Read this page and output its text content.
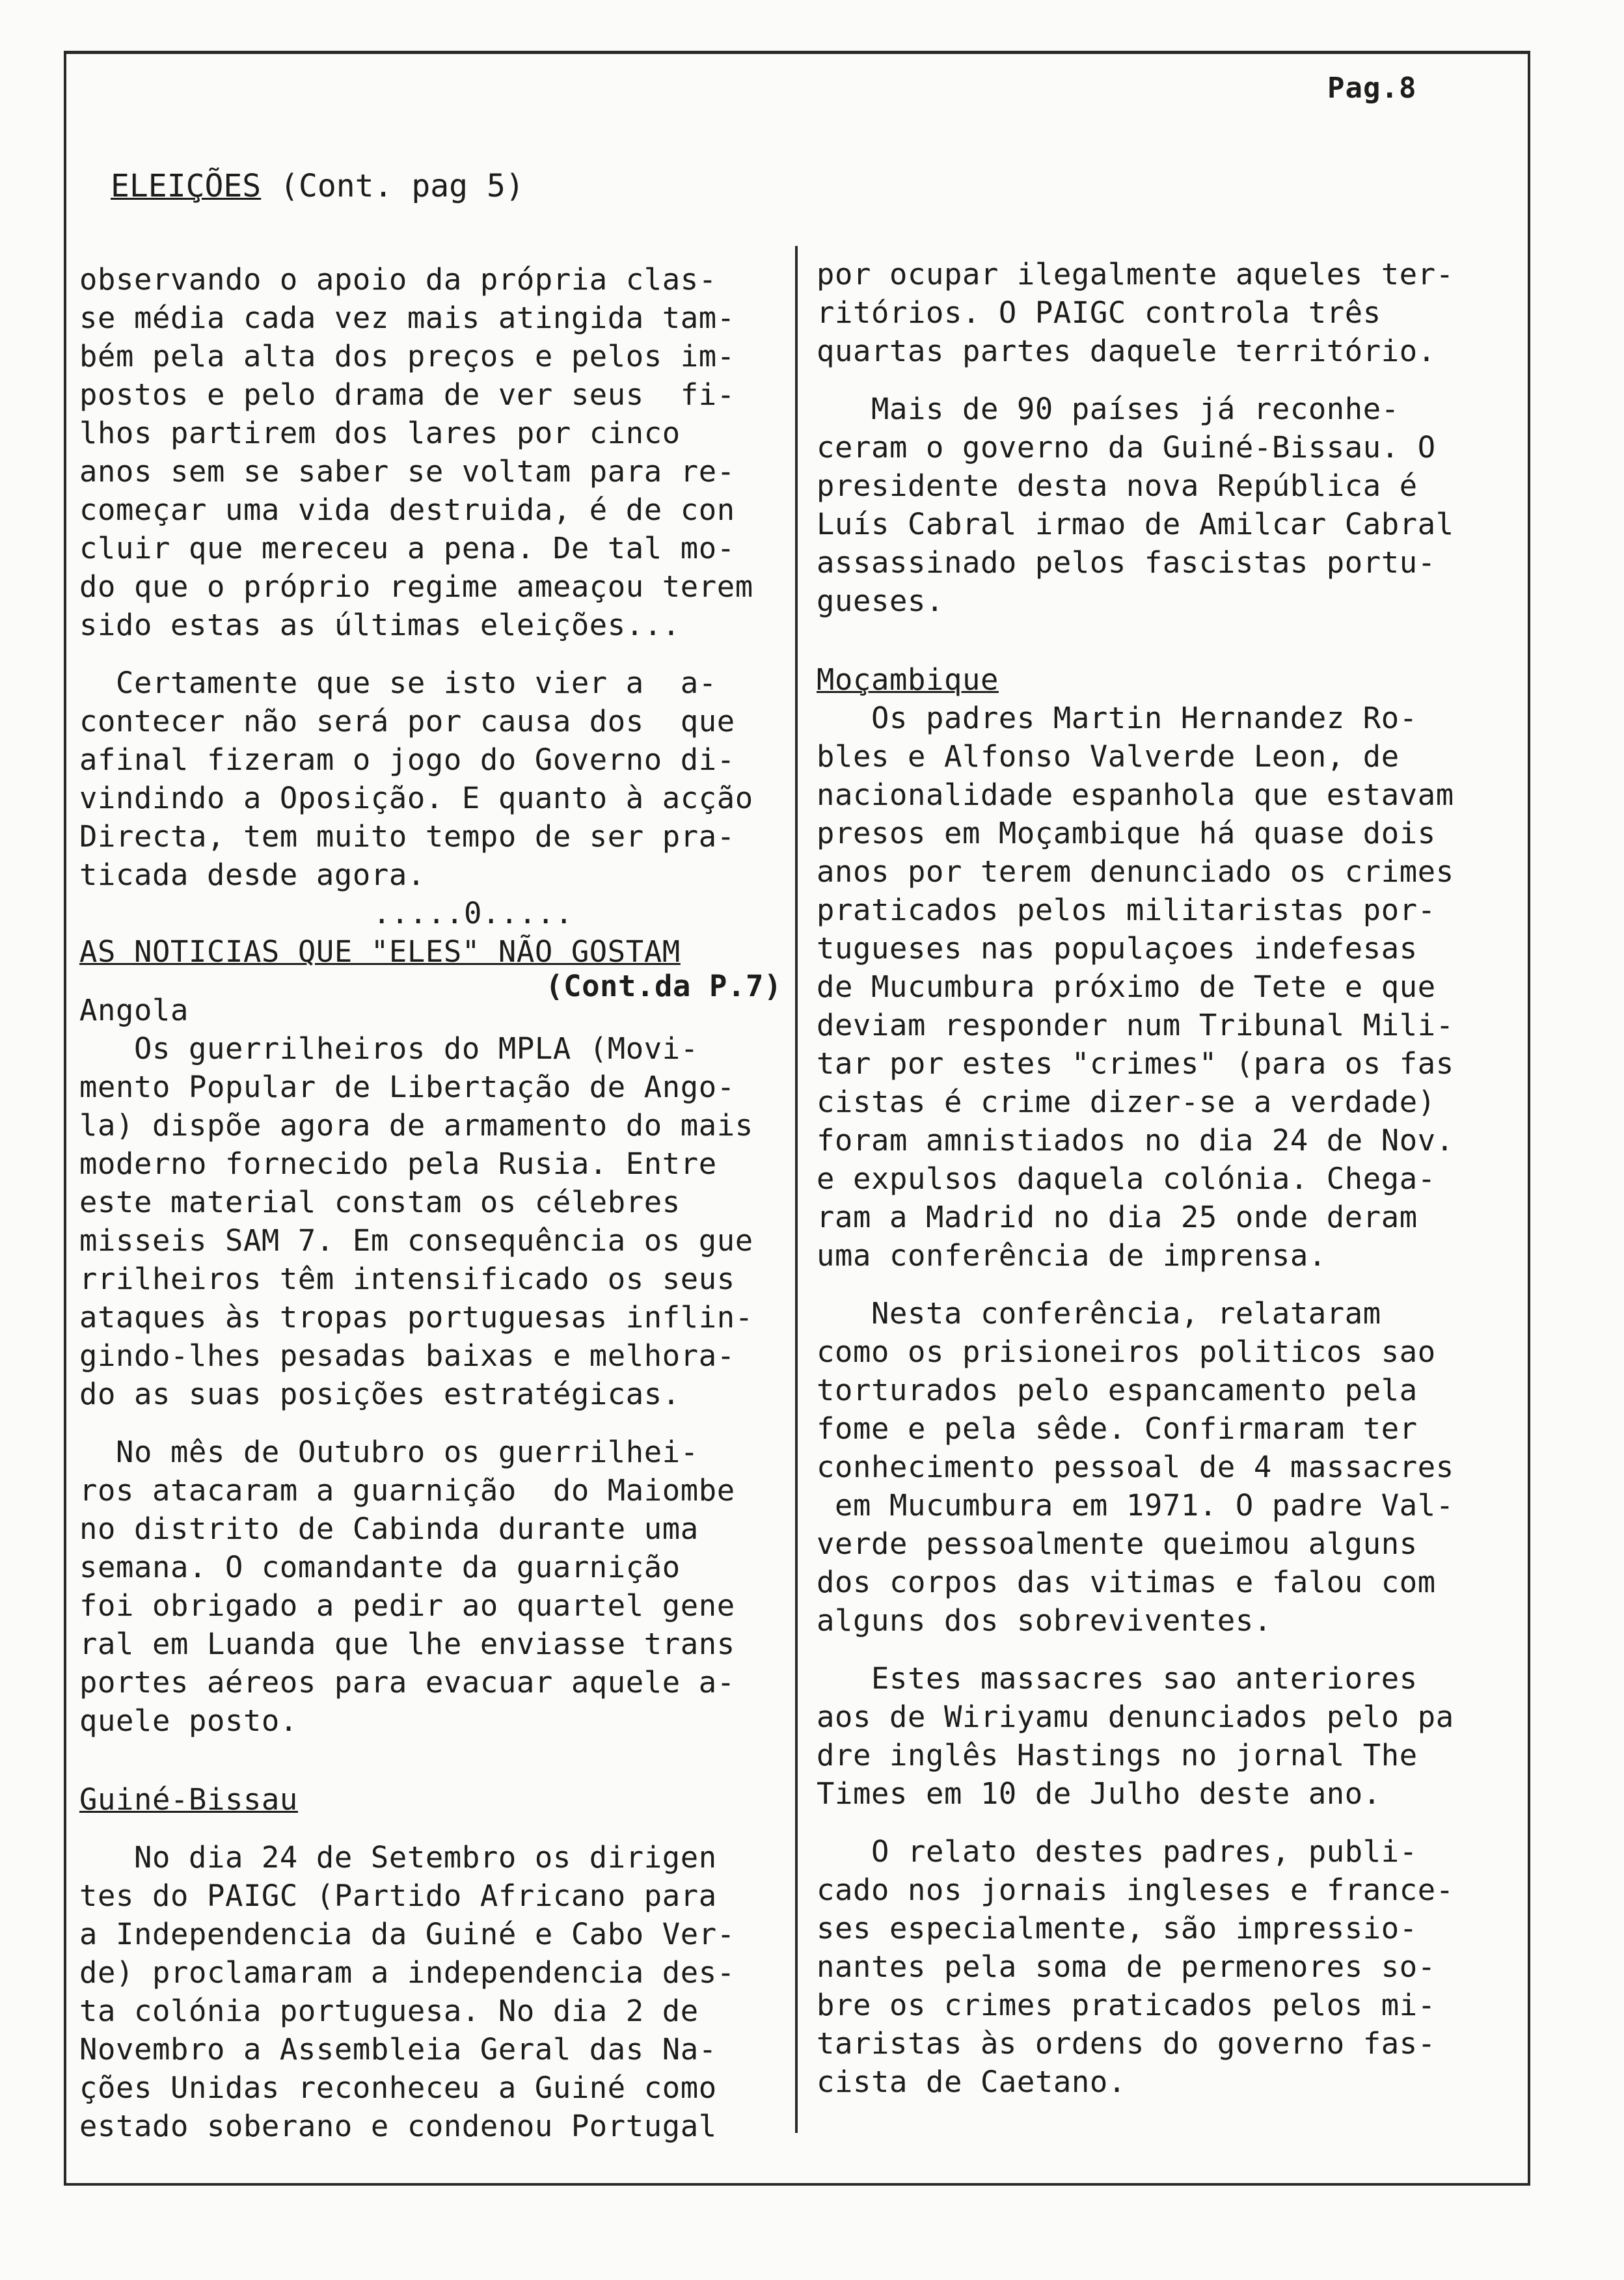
Pag.8
ELEIÇÕES (Cont. pag 5)

observando o apoio da própria clas-

se média cada vez mais atingida tam-

bém pela alta dos preços e pelos im-

postos e pelo drama de ver seus  fi-

lhos partirem dos lares por cinco

anos sem se saber se voltam para re-

começar uma vida destruida, é de con

cluir que mereceu a pena. De tal mo-

do que o próprio regime ameaçou terem

sido estas as últimas eleições...

Certamente que se isto vier a  a-

contecer não será por causa dos  que

afinal fizeram o jogo do Governo di-

vindindo a Oposição. E quanto à acção

Directa, tem muito tempo de ser pra-

ticada desde agora.

.....0.....

AS NOTICIAS QUE "ELES" NÃO GOSTAM

(Cont.da P.7)

Angola

Os guerrilheiros do MPLA (Movi-

mento Popular de Libertação de Ango-

la) dispõe agora de armamento do mais

moderno fornecido pela Rusia. Entre

este material constam os célebres

misseis SAM 7. Em consequência os gue

rrilheiros têm intensificado os seus

ataques às tropas portuguesas inflin-

gindo-lhes pesadas baixas e melhora-

do as suas posições estratégicas.

No mês de Outubro os guerrilhei-

ros atacaram a guarnição  do Maiombe

no distrito de Cabinda durante uma

semana. O comandante da guarnição

foi obrigado a pedir ao quartel gene

ral em Luanda que lhe enviasse trans

portes aéreos para evacuar aquele a-

quele posto.

Guiné-Bissau

No dia 24 de Setembro os dirigen

tes do PAIGC (Partido Africano para

a Independencia da Guiné e Cabo Ver-

de) proclamaram a independencia des-

ta colónia portuguesa. No dia 2 de

Novembro a Assembleia Geral das Na-

ções Unidas reconheceu a Guiné como

estado soberano e condenou Portugal

por ocupar ilegalmente aqueles ter-

ritórios. O PAIGC controla três

quartas partes daquele território.

Mais de 90 países já reconhe-

ceram o governo da Guiné-Bissau. O

presidente desta nova República é

Luís Cabral irmao de Amilcar Cabral

assassinado pelos fascistas portu-

gueses.

Moçambique

Os padres Martin Hernandez Ro-

bles e Alfonso Valverde Leon, de

nacionalidade espanhola que estavam

presos em Moçambique há quase dois

anos por terem denunciado os crimes

praticados pelos militaristas por-

tugueses nas populaçoes indefesas

de Mucumbura próximo de Tete e que

deviam responder num Tribunal Mili-

tar por estes "crimes" (para os fas

cistas é crime dizer-se a verdade)

foram amnistiados no dia 24 de Nov.

e expulsos daquela colónia. Chega-

ram a Madrid no dia 25 onde deram

uma conferência de imprensa.

Nesta conferência, relataram

como os prisioneiros politicos sao

torturados pelo espancamento pela

fome e pela sêde. Confirmaram ter

conhecimento pessoal de 4 massacres

em Mucumbura em 1971. O padre Val-

verde pessoalmente queimou alguns

dos corpos das vitimas e falou com

alguns dos sobreviventes.

Estes massacres sao anteriores

aos de Wiriyamu denunciados pelo pa

dre inglês Hastings no jornal The

Times em 10 de Julho deste ano.

O relato destes padres, publi-

cado nos jornais ingleses e france-

ses especialmente, são impressio-

nantes pela soma de permenores so-

bre os crimes praticados pelos mi-

taristas às ordens do governo fas-

cista de Caetano.
